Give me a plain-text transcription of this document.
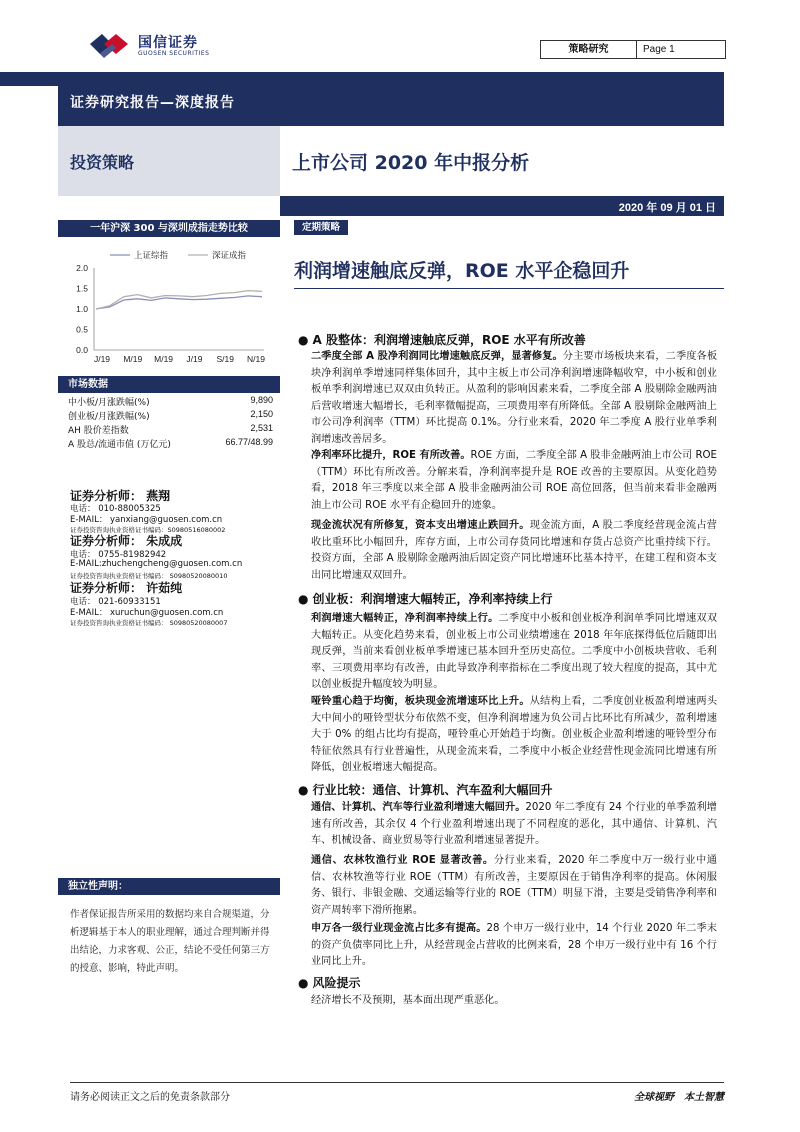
国信证券
GUOSEN SECURITIES	策略研究	Page 1
证券研究报告—深度报告
投资策略	上市公司 2020 年中报分析
2020 年 09 月 01 日
一年沪深 300 与深圳成指走势比较
0.0
0.5
1.0
1.5
2.0
J/19 M/19 M/19 J/19 S/19 N/19
上证综指	深证成指
市场数据
中小板/月涨跌幅(%)	9,890
创业板/月涨跌幅(%)	2,150
AH 股价差指数	2,531
A 股总/流通市值 (万亿元)	66.77/48.99
证券分析师： 燕翔
电话： 010-88005325
E-MAIL： yanxiang@guosen.com.cn
证券投资咨询执业资格证书编码：S0980516080002
证券分析师： 朱成成
电话： 0755-81982942
E-MAIL:zhuchengcheng@guosen.com.cn
证券投资咨询执业资格证书编码： S0980520080010
证券分析师： 许茹纯
电话： 021-60933151
E-MAIL： xuruchun@guosen.com.cn
证券投资咨询执业资格证书编码： S0980520080007
独立性声明：
作者保证报告所采用的数据均来自合规渠道，分析逻辑基于本人的职业理解，通过合理判断并得出结论，力求客观、公正，结论不受任何第三方的授意、影响，特此声明。
定期策略
利润增速触底反弹，ROE 水平企稳回升
● A 股整体：利润增速触底反弹，ROE 水平有所改善
二季度全部 A 股净利润同比增速触底反弹，显著修复。分主要市场板块来看，二季度各板块净利润单季增速同样集体回升，其中主板上市公司净利润增速降幅收窄，中小板和创业板单季利润增速已双双由负转正。从盈利的影响因素来看，二季度全部 A 股剔除金融两油后营收增速大幅增长，毛利率微幅提高，三项费用率有所降低。全部 A 股剔除金融两油上市公司净利润率（TTM）环比提高 0.1%。分行业来看，2020 年二季度 A 股行业单季利润增速改善居多。
净利率环比提升，ROE 有所改善。ROE 方面，二季度全部 A 股非金融两油上市公司 ROE（TTM）环比有所改善。分解来看，净利润率提升是 ROE 改善的主要原因。从变化趋势看，2018 年三季度以来全部 A 股非金融两油公司 ROE 高位回落，但当前来看非金融两油上市公司 ROE 水平有企稳回升的迹象。
现金流状况有所修复，资本支出增速止跌回升。现金流方面，A 股二季度经营现金流占营收比重环比小幅回升，库存方面，上市公司存货同比增速和存货占总资产比重持续下行。投资方面，全部 A 股剔除金融两油后固定资产同比增速环比基本持平，在建工程和资本支出同比增速双双回升。
● 创业板：利润增速大幅转正，净利率持续上行
利润增速大幅转正，净利润率持续上行。二季度中小板和创业板净利润单季同比增速双双大幅转正。从变化趋势来看，创业板上市公司业绩增速在 2018 年年底探得低位后随即出现反弹，当前来看创业板单季增速已基本回升至历史高位。二季度中小创板块营收、毛利率、三项费用率均有改善，由此导致净利率指标在二季度出现了较大程度的提高，其中尤以创业板提升幅度较为明显。
哑铃重心趋于均衡，板块现金流增速环比上升。从结构上看，二季度创业板盈利增速两头大中间小的哑铃型状分布依然不变，但净利润增速为负公司占比环比有所减少，盈利增速大于 0% 的组占比均有提高，哑铃重心开始趋于均衡。创业板企业盈利增速的哑铃型分布特征依然具有行业普遍性，从现金流来看，二季度中小板企业经营性现金流同比增速有所降低，创业板增速大幅提高。
● 行业比较：通信、计算机、汽车盈利大幅回升
通信、计算机、汽车等行业盈利增速大幅回升。2020 年二季度有 24 个行业的单季盈利增速有所改善，其余仅 4 个行业盈利增速出现了不同程度的恶化，其中通信、计算机、汽车、机械设备、商业贸易等行业盈利增速显著提升。
通信、农林牧渔行业 ROE 显著改善。分行业来看，2020 年二季度中万一级行业中通信、农林牧渔等行业 ROE（TTM）有所改善，主要原因在于销售净利率的提高。休闲服务、银行、非银金融、交通运输等行业的 ROE（TTM）明显下滑，主要是受销售净利率和资产周转率下滑所拖累。
申万各一级行业现金流占比多有提高。28 个申万一级行业中，14 个行业 2020 年二季末的资产负债率同比上升，从经营现金占营收的比例来看，28 个申万一级行业中有 16 个行业同比上升。
● 风险提示
经济增长不及预期，基本面出现严重恶化。
请务必阅读正文之后的免责条款部分	全球视野　本土智慧
